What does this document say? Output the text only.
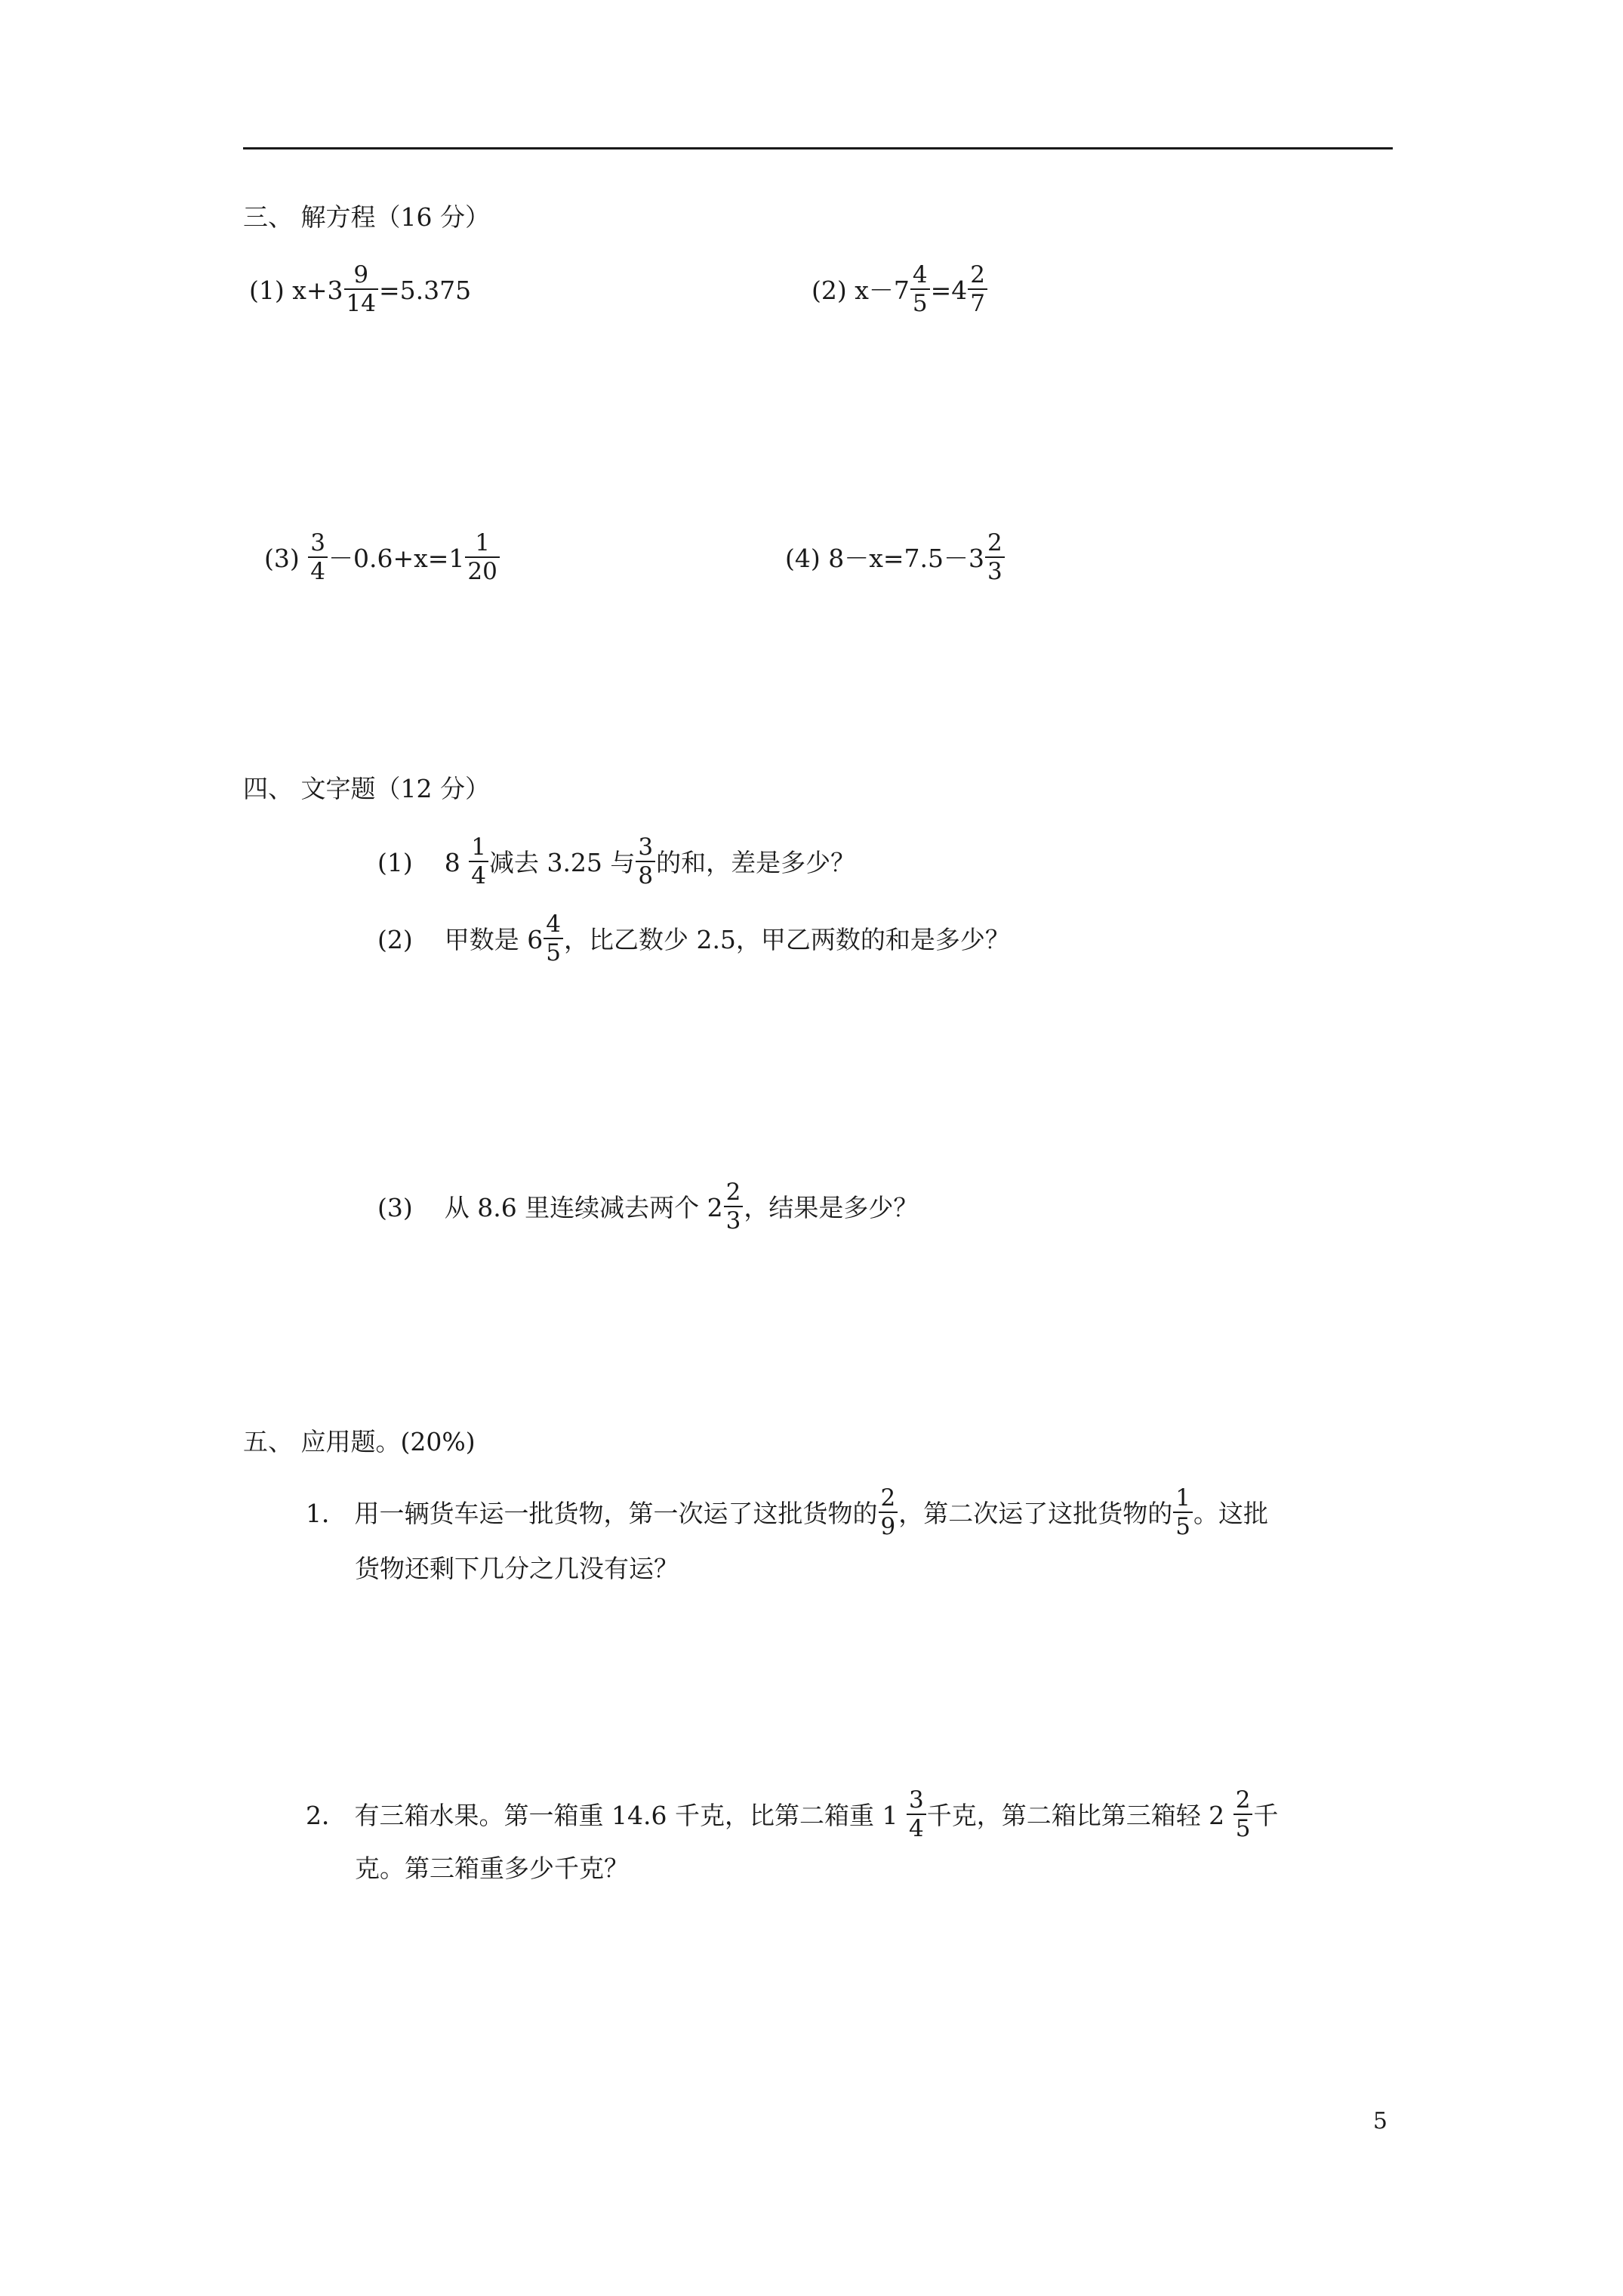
三、 解方程（16 分）
(1) $x+3 \frac{9}{14} =5.375$	(2) $x-7 \frac{4}{5} =4 \frac{2}{7}$
$(3) \frac{3}{4} -0.6+x=1 \frac{1}{20}$	(4) $8-x=7.5-3 \frac{2}{3}$
四、 文字题（12 分）
(1) $8 \frac{1}{4}$ 减去 3.25 与 $\frac{3}{8}$ 的和，差是多少？
(2) 甲数是 $6 \frac{4}{5}$ ，比乙数少 2.5，甲乙两数的和是多少？
(3) 从 8.6 里连续减去两个 $2 \frac{2}{3}$ ，结果是多少？
五、 应用题。(20%)
1． 用一辆货车运一批货物，第一次运了这批货物的 $\frac{2}{9}$ ，第二次运了这批货物的 $\frac{1}{5}$ 。这批
货物还剩下几分之几没有运？
2． 有三箱水果。第一箱重 14.6 千克，比第二箱重 $1 \frac{3}{4}$ 千克，第二箱比第三箱轻 $2 \frac{2}{5}$ 千
克。第三箱重多少千克？
5
